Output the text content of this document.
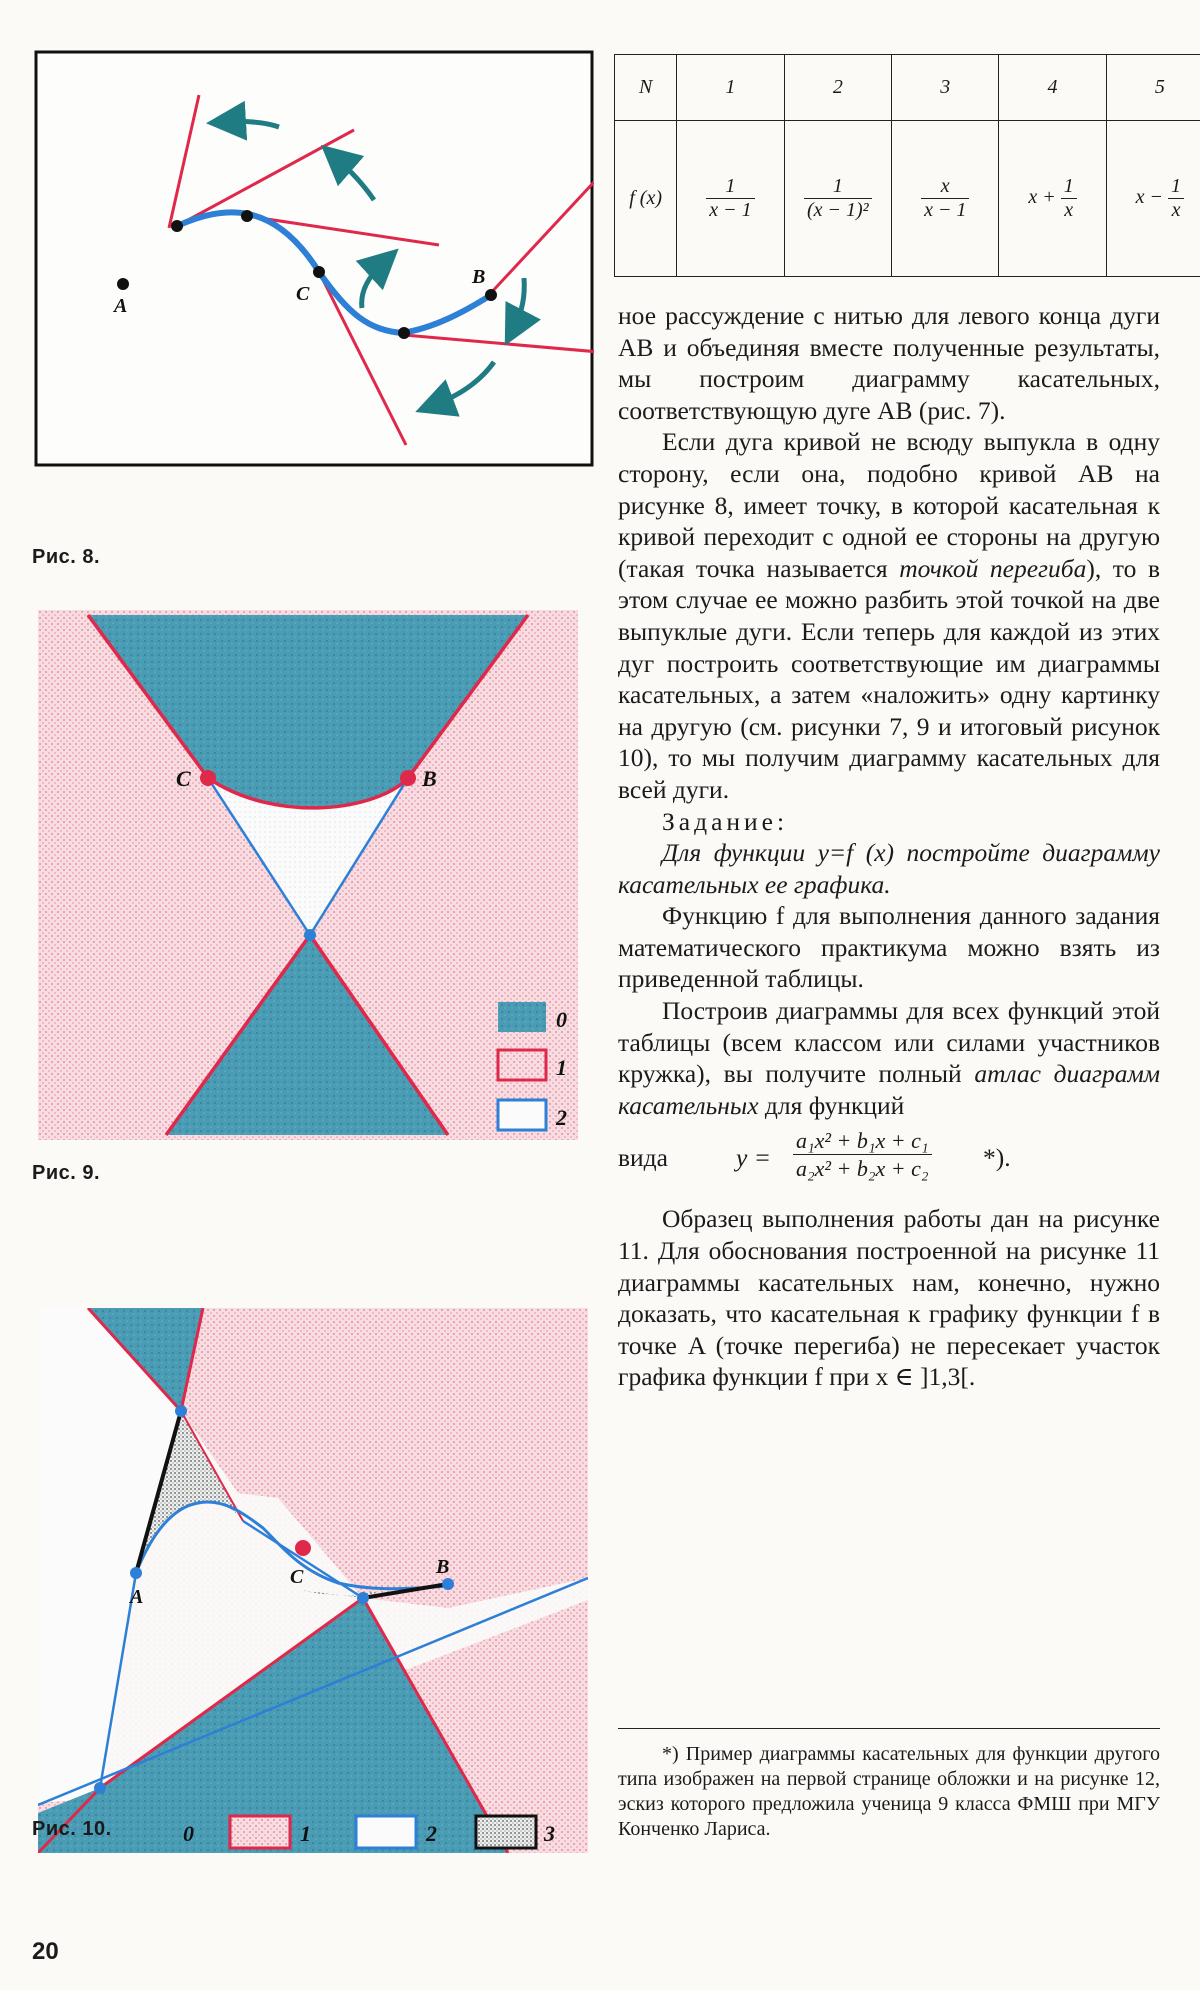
A
C
B
Рис. 8.
N	1	2	3	4	5
f (x)	$\frac{1}{x - 1}$	$\frac{1}{\text{(x − 1)²}}$	$\frac{x}{x - 1}$	$x + \frac{1}{x}$	$x - \frac{1}{x}$
C	B
0
1
2
Рис. 9.
A
C	B
0	1	2	3
Рис. 10.
20

ное рассуждение с нитью для левого конца дуги AB и объединяя вместе полученные результаты, мы построим диаграмму касательных, соответствующую дуге AB (рис. 7).

Если дуга кривой не всюду выпукла в одну сторону, если она, подобно кривой AB на рисунке 8, имеет точку, в которой касательная к кривой переходит с одной ее стороны на другую (такая точка называется точкой перегиба), то в этом случае ее можно разбить этой точкой на две выпуклые дуги. Если теперь для каждой из этих дуг построить соответствующие им диаграммы касательных, а затем «наложить» одну картинку на другую (см. рисунки 7, 9 и итоговый рисунок 10), то мы получим диаграмму касательных для всей дуги.

Задание:

Для функции y=f (x) постройте диаграмму касательных ее графика.

Функцию f для выполнения данного задания математического практикума можно взять из приведенной таблицы.

Построив диаграммы для всех функций этой таблицы (всем классом или силами участников кружка), вы получите полный атлас диаграмм касательных для функций

вида	$y = \frac{\text{a₁x² + b₁x + c₁}}{\text{a₂x² + b₂x + c₂}}$ *).

Образец выполнения работы дан на рисунке 11. Для обоснования построенной на рисунке 11 диаграммы касательных нам, конечно, нужно доказать, что касательная к графику функции f в точке A (точке перегиба) не пересекает участок графика функции f при x ∈ ]1,3[.

*) Пример диаграммы касательных для функции другого типа изображен на первой странице обложки и на рисунке 12, эскиз которого предложила ученица 9 класса ФМШ при МГУ Конченко Лариса.
